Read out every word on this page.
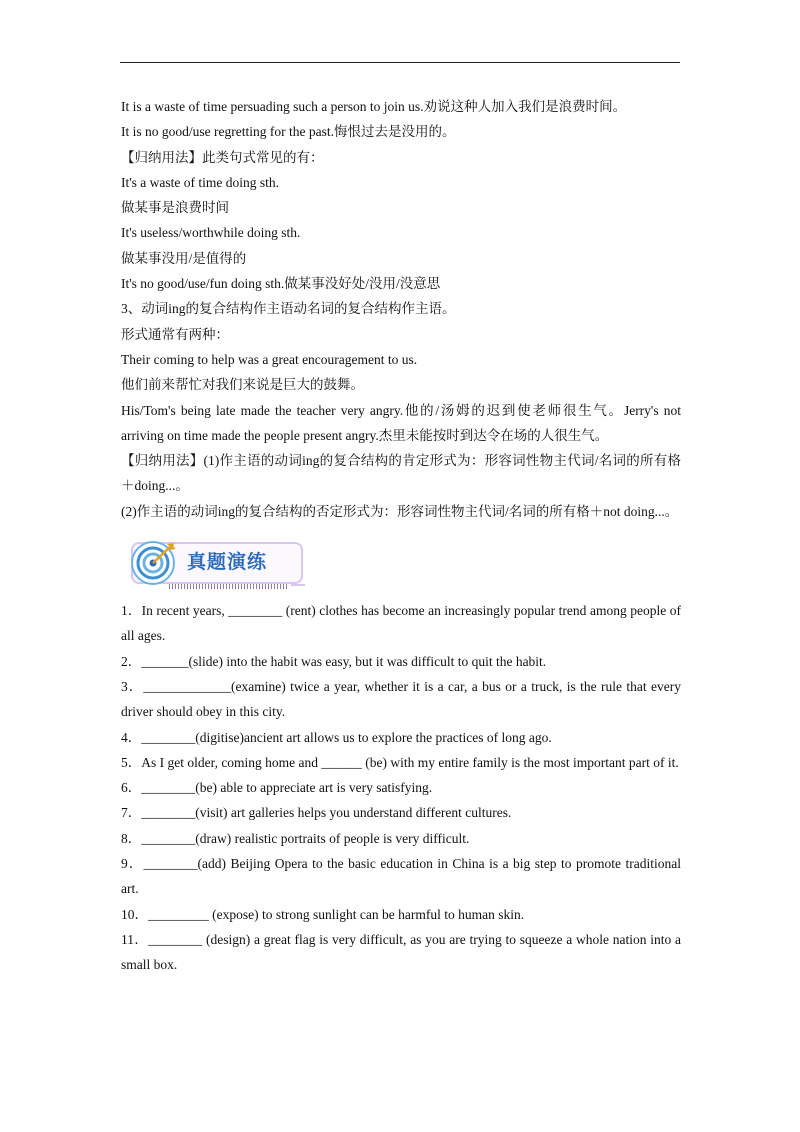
It is a waste of time persuading such a person to join us.劝说这种人加入我们是浪费时间。

It is no good/use regretting for the past.悔恨过去是没用的。

【归纳用法】此类句式常见的有：

It's a waste of time doing sth.

做某事是浪费时间

It's useless/worthwhile doing sth.

做某事没用/是值得的

It's no good/use/fun doing sth.做某事没好处/没用/没意思

3、动词ing的复合结构作主语动名词的复合结构作主语。

形式通常有两种：

Their coming to help was a great encouragement to us.

他们前来帮忙对我们来说是巨大的鼓舞。

His/Tom's being late made the teacher very angry.他的/汤姆的迟到使老师很生气。Jerry's not arriving on time made the people present angry.杰里未能按时到达令在场的人很生气。

【归纳用法】(1)作主语的动词ing的复合结构的肯定形式为：形容词性物主代词/名词的所有格＋doing...。

(2)作主语的动词ing的复合结构的否定形式为：形容词性物主代词/名词的所有格＋not doing...。

真题演练

1．In recent years, ________ (rent) clothes has become an increasingly popular trend among people of all ages.

2．_______(slide) into the habit was easy, but it was difficult to quit the habit.

3．_____________(examine) twice a year, whether it is a car, a bus or a truck, is the rule that every driver should obey in this city.

4．________(digitise)ancient art allows us to explore the practices of long ago.

5．As I get older, coming home and ______ (be) with my entire family is the most important part of it.

6．________(be) able to appreciate art is very satisfying.

7．________(visit) art galleries helps you understand different cultures.

8．________(draw) realistic portraits of people is very difficult.

9．________(add) Beijing Opera to the basic education in China is a big step to promote traditional art.

10．_________ (expose) to strong sunlight can be harmful to human skin.

11．________ (design) a great flag is very difficult, as you are trying to squeeze a whole nation into a small box.
